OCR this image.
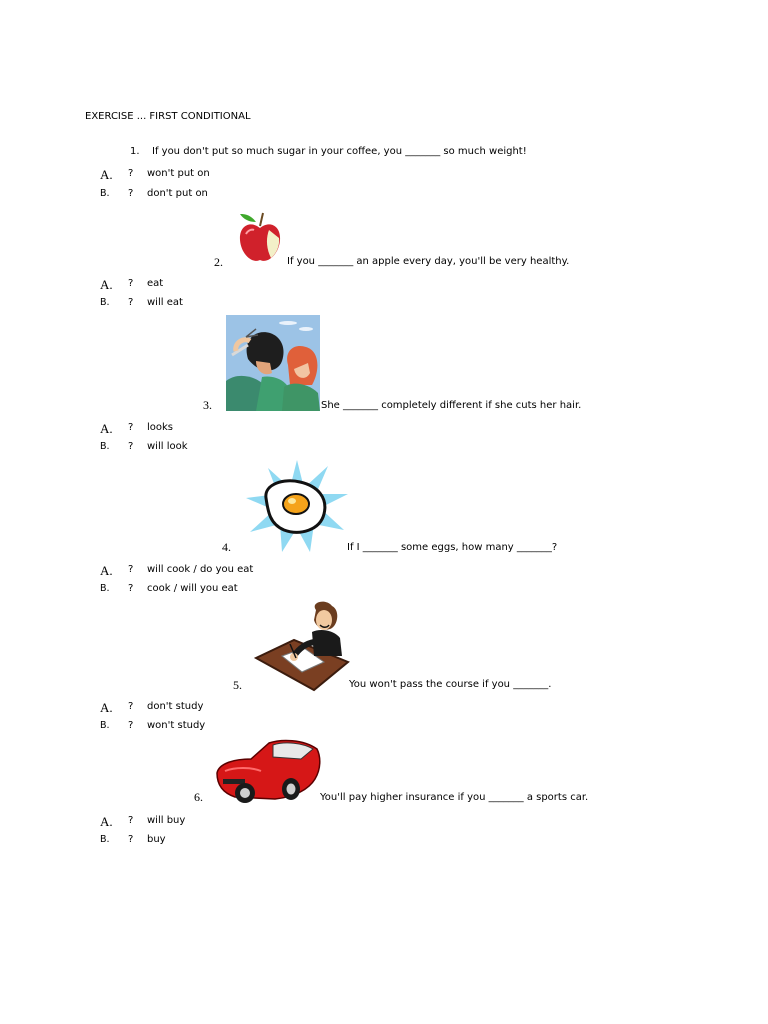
EXERCISE ... FIRST CONDITIONAL
1. If you don't put so much sugar in your coffee, you _______ so much weight!
A. ? won't put on
B. ? don't put on
2.	If you _______ an apple every day, you'll be very healthy.
A. ? eat
B. ? will eat
3.	She _______ completely different if she cuts her hair.
A. ? looks
B. ? will look
4.	If I _______ some eggs, how many _______?
A. ? will cook / do you eat
B. ? cook / will you eat
5.	You won't pass the course if you _______.
A. ? don't study
B. ? won't study
6.	You'll pay higher insurance if you _______ a sports car.
A. ? will buy
B. ? buy
